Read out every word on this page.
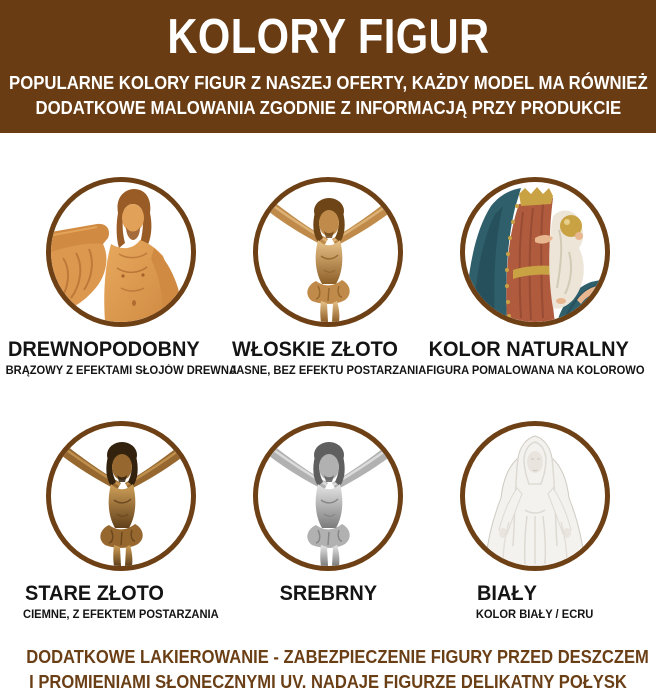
KOLORY FIGUR
POPULARNE KOLORY FIGUR Z NASZEJ OFERTY, KAŻDY MODEL MA RÓWNIEŻ
DODATKOWE MALOWANIA ZGODNIE Z INFORMACJĄ PRZY PRODUKCIE
DREWNOPODOBNY
BRĄZOWY Z EFEKTAMI SŁOJÓW DREWNA
WŁOSKIE ZŁOTO
JASNE, BEZ EFEKTU POSTARZANIA
KOLOR NATURALNY
FIGURA POMALOWANA NA KOLOROWO
STARE ZŁOTO
CIEMNE, Z EFEKTEM POSTARZANIA
SREBRNY	BIAŁY
KOLOR BIAŁY / ECRU
DODATKOWE LAKIEROWANIE - ZABEZPIECZENIE FIGURY PRZED DESZCZEM
I PROMIENIAMI SŁONECZNYMI UV. NADAJE FIGURZE DELIKATNY POŁYSK
